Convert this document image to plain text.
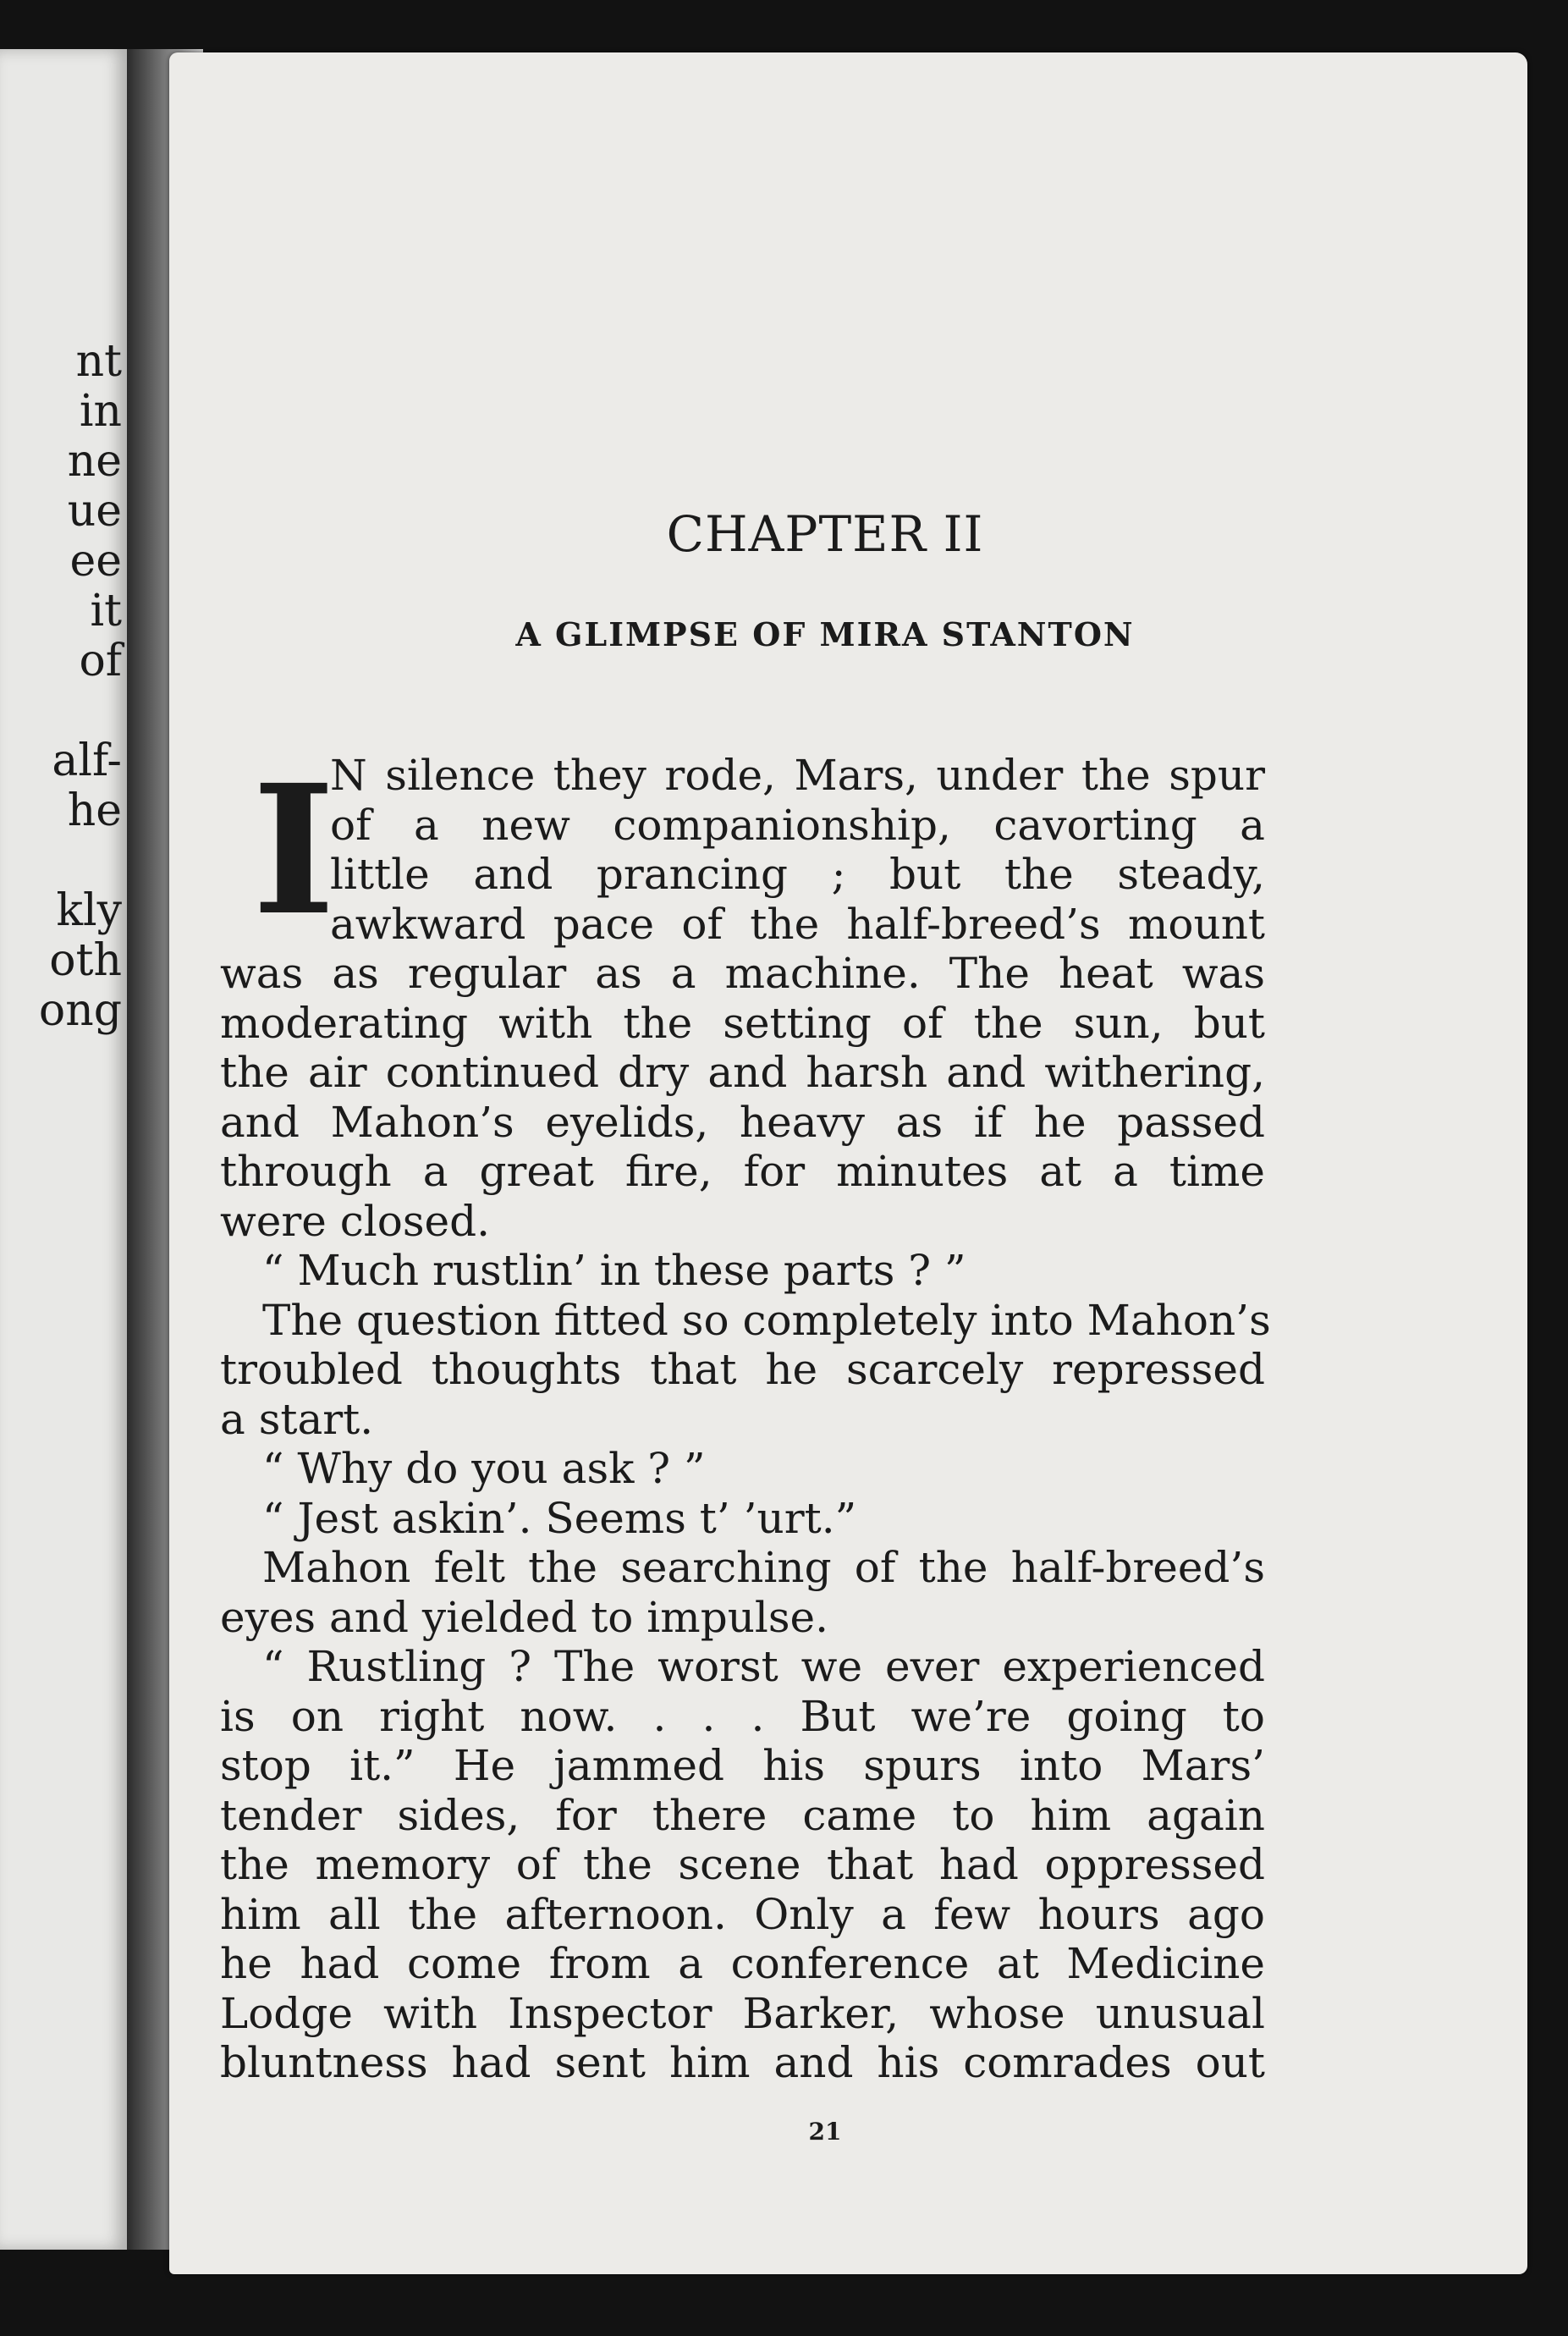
nt
in
ne
ue
ee
it
of
alf-
he
kly
oth
ong
CHAPTER II
A GLIMPSE OF MIRA STANTON
I
N silence they rode, Mars, under the spur
of a new companionship, cavorting a
little and prancing ; but the steady,
awkward pace of the half-breed’s mount
was as regular as a machine. The heat was
moderating with the setting of the sun, but
the air continued dry and harsh and withering,
and Mahon’s eyelids, heavy as if he passed
through a great fire, for minutes at a time
were closed.
“ Much rustlin’ in these parts ? ”
The question fitted so completely into Mahon’s
troubled thoughts that he scarcely repressed
a start.
“ Why do you ask ? ”
“ Jest askin’. Seems t’ ’urt.”
Mahon felt the searching of the half-breed’s
eyes and yielded to impulse.
“ Rustling ? The worst we ever experienced
is on right now. . . . But we’re going to
stop it.” He jammed his spurs into Mars’
tender sides, for there came to him again
the memory of the scene that had oppressed
him all the afternoon. Only a few hours ago
he had come from a conference at Medicine
Lodge with Inspector Barker, whose unusual
bluntness had sent him and his comrades out
21
